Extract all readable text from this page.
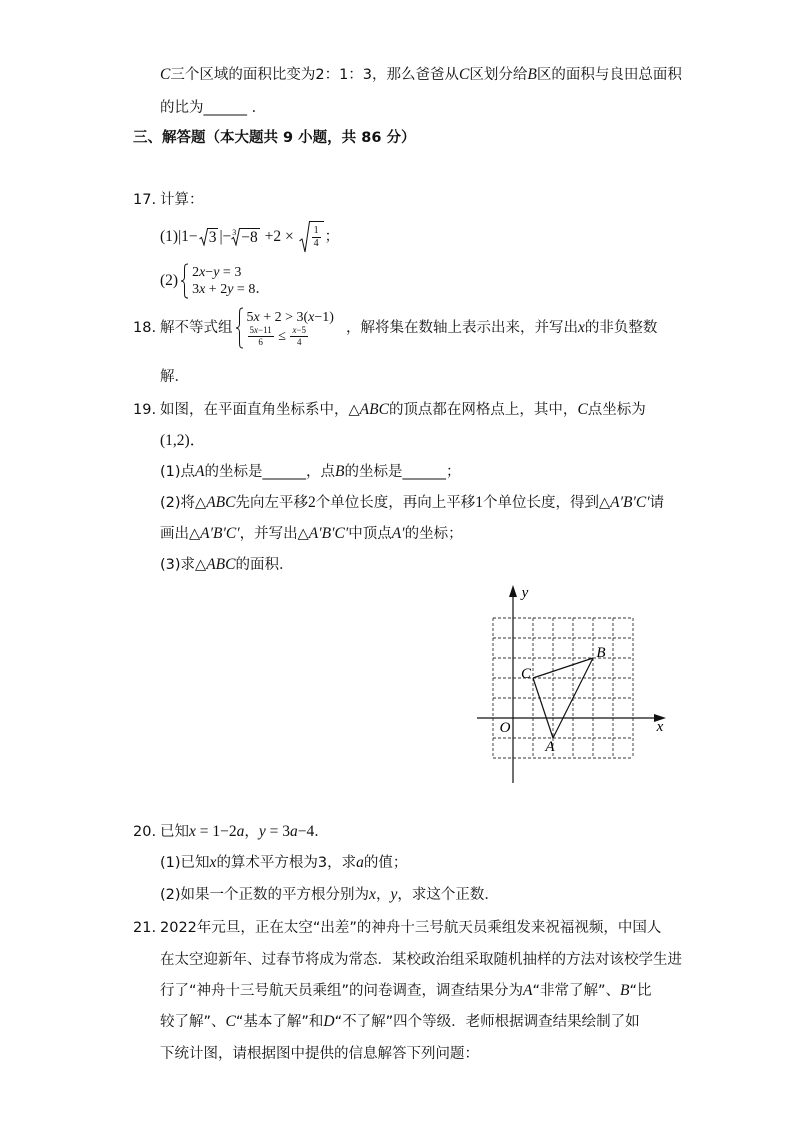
C 三个区域的面积比变为2：1：3，那么爸爸从 C 区划分给 B 区的面积与良田总面积
的比为 ______ ．
三、解答题（本大题共 9 小题，共 86 分）
17. 计算：
(1) |1− 3 |− $3 -8 +2 \times \frac{1}{4}$ ；
(2) 2 x − y = 3
3 x + 2 y = 8 ．
18. 解不等式组
5 x + 2 > 3( x −1)
$\frac{5 x -11}{6} \le \frac{x -5}{4}$	，解将集在数轴上表示出来，并写出 x 的非负整数
解．
19. 如图，在平面直角坐标系中， △ ABC 的顶点都在网格点上，其中， C 点坐标为
(1,2)．
(1)点 A 的坐标是 ______ ，点 B 的坐标是 ______ ；
(2)将 △ ABC 先向左平移 2 个单位长度，再向上平移 1 个单位长度，得到 △ A′B′C′ 请
画出 △ A′B′C′ ，并写出 △ A′B′C′ 中顶点 A′ 的坐标；
(3)求 △ ABC 的面积．
y
x
O
A
B
C
20. 已知 x = 1−2 a ， y = 3 a −4 ．
(1)已知 x 的算术平方根为3，求 a 的值；
(2)如果一个正数的平方根分别为 x ， y ，求这个正数．
21. 2022年元旦，正在太空“出差”的神舟十三号航天员乘组发来祝福视频，中国人
在太空迎新年、过春节将成为常态．某校政治组采取随机抽样的方法对该校学生进
行了“神舟十三号航天员乘组”的问卷调查，调查结果分为 A “非常了解”、 B “比
较了解”、 C “基本了解”和 D “不了解”四个等级．老师根据调查结果绘制了如
下统计图，请根据图中提供的信息解答下列问题：
